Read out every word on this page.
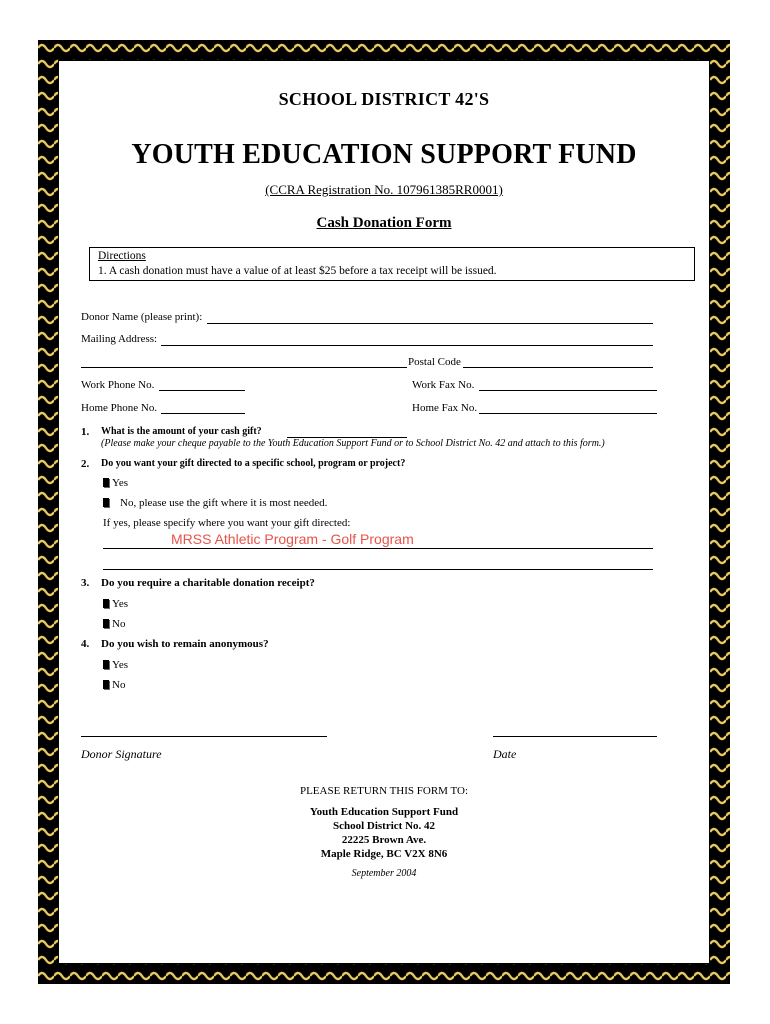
SCHOOL DISTRICT 42'S
YOUTH EDUCATION SUPPORT FUND
(CCRA Registration No. 107961385RR0001)
Cash Donation Form
Directions
1. A cash donation must have a value of at least $25 before a tax receipt will be issued.
Donor Name (please print):
Mailing Address:
Postal Code
Work Phone No.	Work Fax No.
Home Phone No.	Home Fax No.
1. What is the amount of your cash gift?
(Please make your cheque payable to the Youth Education Support Fund or to School District No. 42 and attach to this form.)
2. Do you want your gift directed to a specific school, program or project?
Yes
No, please use the gift where it is most needed.
If yes, please specify where you want your gift directed:
MRSS Athletic Program - Golf Program
3. Do you require a charitable donation receipt?
Yes
No
4. Do you wish to remain anonymous?
Yes
No
Donor Signature	Date
PLEASE RETURN THIS FORM TO:
Youth Education Support Fund
School District No. 42
22225 Brown Ave.
Maple Ridge, BC V2X 8N6
September 2004
